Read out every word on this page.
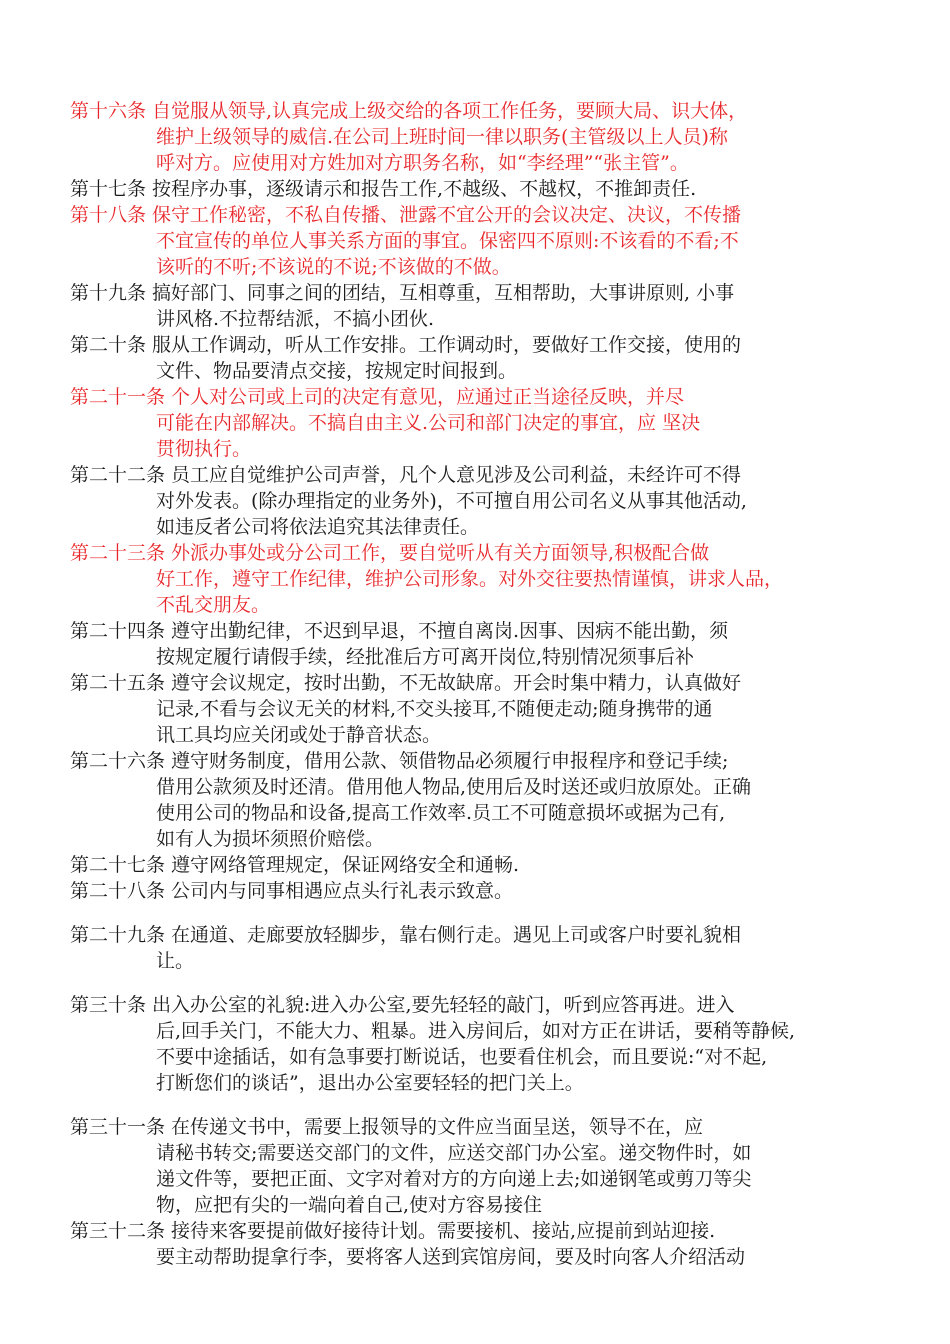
第十六条 自觉服从领导,认真完成上级交给的各项工作任务，要顾大局、识大体，
维护上级领导的威信.在公司上班时间一律以职务(主管级以上人员)称
呼对方。应使用对方姓加对方职务名称，如“李经理”“张主管”。
第十七条 按程序办事，逐级请示和报告工作,不越级、不越权，不推卸责任.
第十八条 保守工作秘密，不私自传播、泄露不宜公开的会议决定、决议，不传播
不宜宣传的单位人事关系方面的事宜。保密四不原则:不该看的不看;不
该听的不听;不该说的不说;不该做的不做。
第十九条 搞好部门、同事之间的团结，互相尊重，互相帮助，大事讲原则, 小事
讲风格.不拉帮结派，不搞小团伙.
第二十条 服从工作调动，听从工作安排。工作调动时，要做好工作交接，使用的
文件、物品要清点交接，按规定时间报到。
第二十一条 个人对公司或上司的决定有意见，应通过正当途径反映，并尽
可能在内部解决。不搞自由主义.公司和部门决定的事宜，应 坚决
贯彻执行。
第二十二条 员工应自觉维护公司声誉，凡个人意见涉及公司利益，未经许可不得
对外发表。(除办理指定的业务外)，不可擅自用公司名义从事其他活动,
如违反者公司将依法追究其法律责任。
第二十三条 外派办事处或分公司工作，要自觉听从有关方面领导,积极配合做
好工作，遵守工作纪律，维护公司形象。对外交往要热情谨慎，讲求人品，
不乱交朋友。
第二十四条 遵守出勤纪律，不迟到早退，不擅自离岗.因事、因病不能出勤，须
按规定履行请假手续，经批准后方可离开岗位,特别情况须事后补
第二十五条 遵守会议规定，按时出勤，不无故缺席。开会时集中精力，认真做好
记录,不看与会议无关的材料,不交头接耳,不随便走动;随身携带的通
讯工具均应关闭或处于静音状态。
第二十六条 遵守财务制度，借用公款、领借物品必须履行申报程序和登记手续;
借用公款须及时还清。借用他人物品,使用后及时送还或归放原处。正确
使用公司的物品和设备,提高工作效率.员工不可随意损坏或据为己有,
如有人为损坏须照价赔偿。
第二十七条 遵守网络管理规定，保证网络安全和通畅.
第二十八条 公司内与同事相遇应点头行礼表示致意。
第二十九条 在通道、走廊要放轻脚步，靠右侧行走。遇见上司或客户时要礼貌相
让。
第三十条 出入办公室的礼貌:进入办公室,要先轻轻的敲门，听到应答再进。进入
后,回手关门，不能大力、粗暴。进入房间后，如对方正在讲话，要稍等静候,
不要中途插话，如有急事要打断说话，也要看住机会，而且要说:“对不起,
打断您们的谈话”，退出办公室要轻轻的把门关上。
第三十一条 在传递文书中，需要上报领导的文件应当面呈送，领导不在，应
请秘书转交;需要送交部门的文件，应送交部门办公室。递交物件时，如
递文件等，要把正面、文字对着对方的方向递上去;如递钢笔或剪刀等尖
物，应把有尖的一端向着自己,使对方容易接住
第三十二条 接待来客要提前做好接待计划。需要接机、接站,应提前到站迎接.
要主动帮助提拿行李，要将客人送到宾馆房间，要及时向客人介绍活动
